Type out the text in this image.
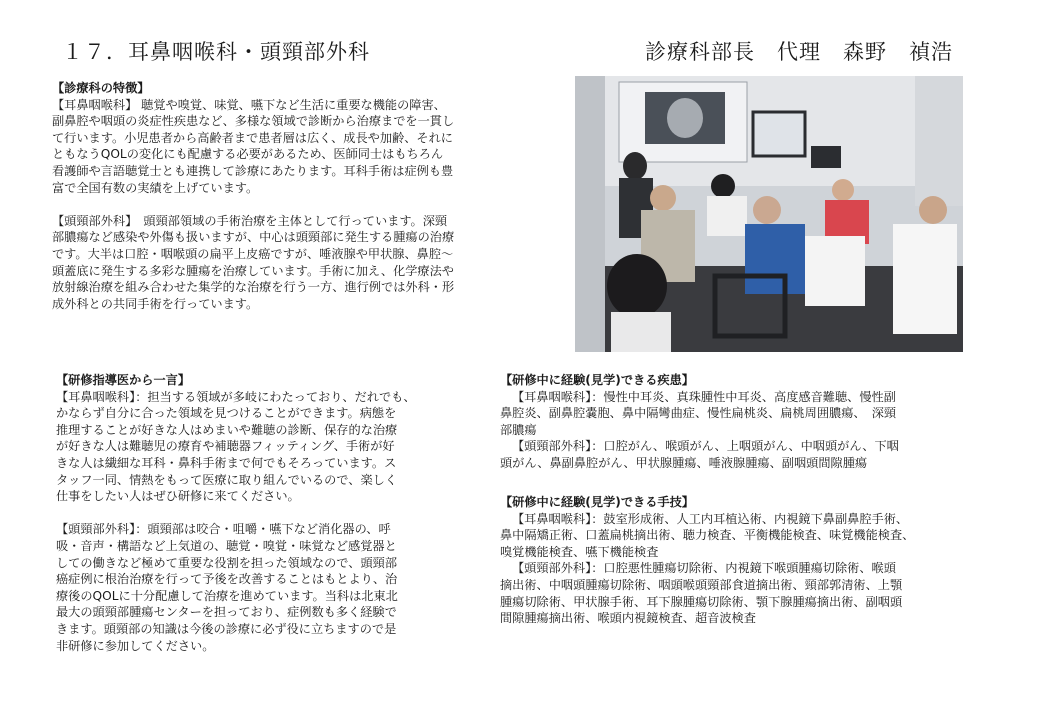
１７．耳鼻咽喉科・頭頸部外科	診療科部長　代理　森野　禎浩

【診療科の特徴】

【耳鼻咽喉科】 聴覚や嗅覚、味覚、嚥下など生活に重要な機能の障害、

副鼻腔や咽頭の炎症性疾患など、多様な領域で診断から治療までを一貫し

て行います。小児患者から高齢者まで患者層は広く、成長や加齢、それに

ともなうQOLの変化にも配慮する必要があるため、医師同士はもちろん

看護師や言語聴覚士とも連携して診療にあたります。耳科手術は症例も豊

富で全国有数の実績を上げています。

【頭頸部外科】　頭頸部領域の手術治療を主体として行っています。深頸

部膿瘍など感染や外傷も扱いますが、中心は頭頸部に発生する腫瘍の治療

です。大半は口腔・咽喉頭の扁平上皮癌ですが、唾液腺や甲状腺、鼻腔～

頭蓋底に発生する多彩な腫瘍を治療しています。手術に加え、化学療法や

放射線治療を組み合わせた集学的な治療を行う一方、進行例では外科・形

成外科との共同手術を行っています。

【研修指導医から一言】

【耳鼻咽喉科】：担当する領域が多岐にわたっており、だれでも、

かならず自分に合った領域を見つけることができます。病態を

推理することが好きな人はめまいや難聴の診断、保存的な治療

が好きな人は難聴児の療育や補聴器フィッティング、手術が好

きな人は繊細な耳科・鼻科手術まで何でもそろっています。ス

タッフ一同、情熱をもって医療に取り組んでいるので、楽しく

仕事をしたい人はぜひ研修に来てください。

【頭頸部外科】：頭頸部は咬合・咀嚼・嚥下など消化器の、呼

吸・音声・構語など上気道の、聴覚・嗅覚・味覚など感覚器と

しての働きなど極めて重要な役割を担った領域なので、頭頸部

癌症例に根治治療を行って予後を改善することはもとより、治

療後のQOLに十分配慮して治療を進めています。当科は北東北

最大の頭頸部腫瘍センターを担っており、症例数も多く経験で

きます。頭頸部の知識は今後の診療に必ず役に立ちますので是

非研修に参加してください。

【研修中に経験(見学)できる疾患】

【耳鼻咽喉科】：慢性中耳炎、真珠腫性中耳炎、高度感音難聴、慢性副

鼻腔炎、副鼻腔嚢胞、鼻中隔彎曲症、慢性扁桃炎、扁桃周囲膿瘍、　深頸

部膿瘍

【頭頸部外科】：口腔がん、喉頭がん、上咽頭がん、中咽頭がん、下咽

頭がん、鼻副鼻腔がん、甲状腺腫瘍、唾液腺腫瘍、副咽頭間隙腫瘍

【研修中に経験(見学)できる手技】

【耳鼻咽喉科】：鼓室形成術、人工内耳植込術、内視鏡下鼻副鼻腔手術、

鼻中隔矯正術、口蓋扁桃摘出術、聴力検査、平衡機能検査、味覚機能検査、

嗅覚機能検査、嚥下機能検査

【頭頸部外科】：口腔悪性腫瘍切除術、内視鏡下喉頭腫瘍切除術、喉頭

摘出術、中咽頭腫瘍切除術、咽頭喉頭頸部食道摘出術、頸部郭清術、上顎

腫瘍切除術、甲状腺手術、耳下腺腫瘍切除術、顎下腺腫瘍摘出術、副咽頭

間隙腫瘍摘出術、喉頭内視鏡検査、超音波検査
